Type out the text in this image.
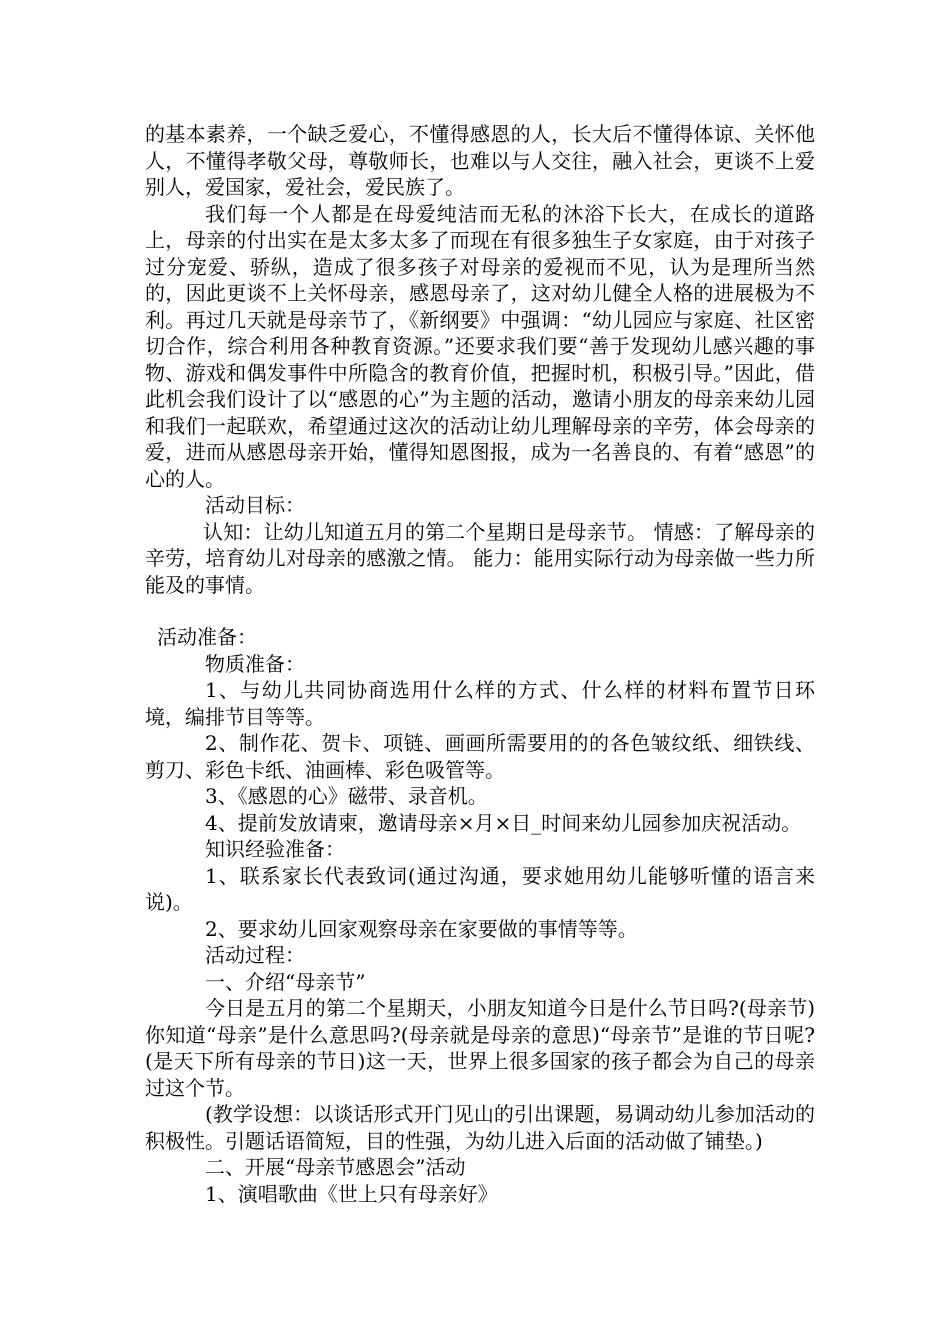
的基本素养，一个缺乏爱心，不懂得感恩的人，长大后不懂得体谅、关怀他人，不懂得孝敬父母，尊敬师长，也难以与人交往，融入社会，更谈不上爱别人，爱国家，爱社会，爱民族了。

我们每一个人都是在母爱纯洁而无私的沐浴下长大，在成长的道路上，母亲的付出实在是太多太多了而现在有很多独生子女家庭，由于对孩子过分宠爱、骄纵，造成了很多孩子对母亲的爱视而不见，认为是理所当然的，因此更谈不上关怀母亲，感恩母亲了，这对幼儿健全人格的进展极为不利。再过几天就是母亲节了，《新纲要》中强调：“幼儿园应与家庭、社区密切合作，综合利用各种教育资源。”还要求我们要“善于发现幼儿感兴趣的事物、游戏和偶发事件中所隐含的教育价值，把握时机，积极引导。”因此，借此机会我们设计了以“感恩的心”为主题的活动，邀请小朋友的母亲来幼儿园和我们一起联欢，希望通过这次的活动让幼儿理解母亲的辛劳，体会母亲的爱，进而从感恩母亲开始，懂得知恩图报，成为一名善良的、有着“感恩”的心的人。

活动目标：

认知：让幼儿知道五月的第二个星期日是母亲节。 情感：了解母亲的辛劳，培育幼儿对母亲的感激之情。 能力：能用实际行动为母亲做一些力所能及的事情。

活动准备：

物质准备：

1、与幼儿共同协商选用什么样的方式、什么样的材料布置节日环境，编排节目等等。

2、制作花、贺卡、项链、画画所需要用的的各色皱纹纸、细铁线、剪刀、彩色卡纸、油画棒、彩色吸管等。

3、《感恩的心》磁带、录音机。

4、提前发放请柬，邀请母亲×月×日_时间来幼儿园参加庆祝活动。

知识经验准备：

1、联系家长代表致词(通过沟通，要求她用幼儿能够听懂的语言来说)。

2、要求幼儿回家观察母亲在家要做的事情等等。

活动过程：

一、介绍“母亲节”

今日是五月的第二个星期天，小朋友知道今日是什么节日吗?(母亲节)你知道“母亲”是什么意思吗?(母亲就是母亲的意思)“母亲节”是谁的节日呢?(是天下所有母亲的节日)这一天，世界上很多国家的孩子都会为自己的母亲过这个节。

(教学设想：以谈话形式开门见山的引出课题，易调动幼儿参加活动的积极性。引题话语简短，目的性强，为幼儿进入后面的活动做了铺垫。)

二、开展“母亲节感恩会”活动

1、演唱歌曲《世上只有母亲好》
